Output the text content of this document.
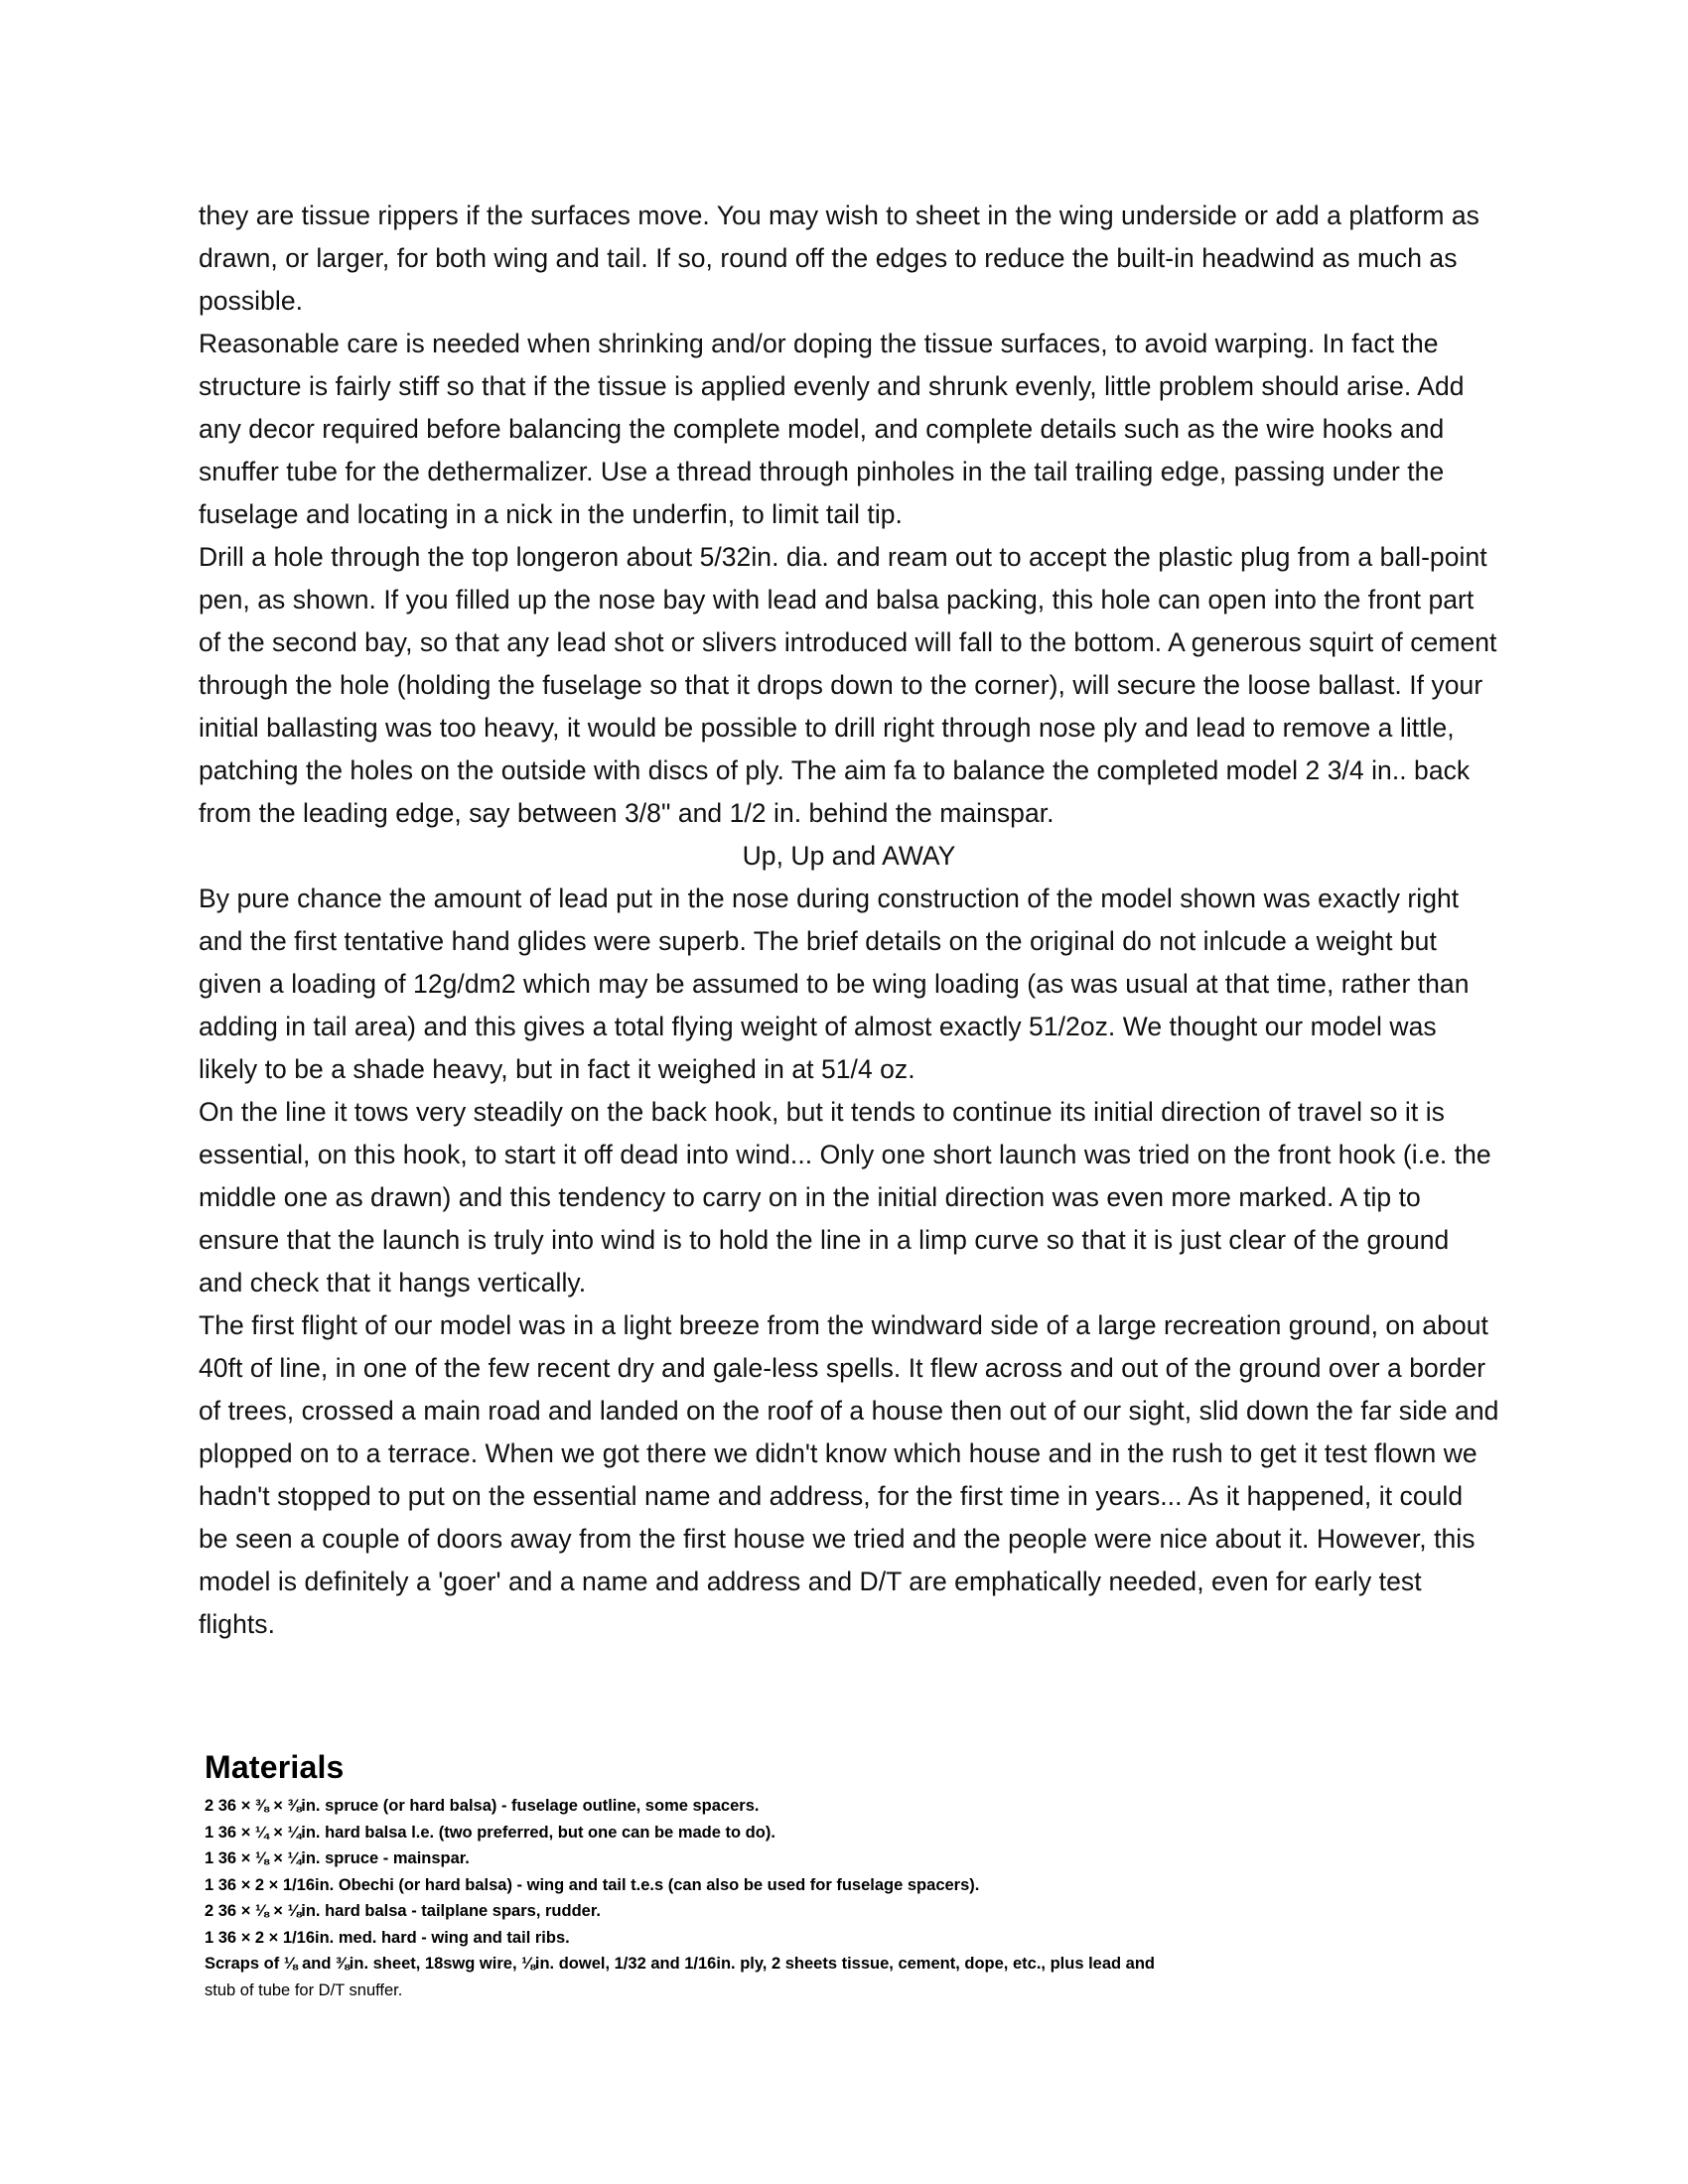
they are tissue rippers if the surfaces move. You may wish to sheet in the wing underside or add a platform as drawn, or larger, for both wing and tail. If so, round off the edges to reduce the built-in headwind as much as possible.

Reasonable care is needed when shrinking and/or doping the tissue surfaces, to avoid warping. In fact the structure is fairly stiff so that if the tissue is applied evenly and shrunk evenly, little problem should arise. Add any decor required before balancing the complete model, and complete details such as the wire hooks and snuffer tube for the dethermalizer. Use a thread through pinholes in the tail trailing edge, passing under the fuselage and locating in a nick in the underfin, to limit tail tip.

Drill a hole through the top longeron about 5/32in. dia. and ream out to accept the plastic plug from a ball-point pen, as shown. If you filled up the nose bay with lead and balsa packing, this hole can open into the front part of the second bay, so that any lead shot or slivers introduced will fall to the bottom. A generous squirt of cement through the hole (holding the fuselage so that it drops down to the corner), will secure the loose ballast. If your initial ballasting was too heavy, it would be possible to drill right through nose ply and lead to remove a little, patching the holes on the outside with discs of ply. The aim fa to balance the completed model 2 3/4 in.. back from the leading edge, say between 3/8" and 1/2 in. behind the mainspar.

Up, Up and AWAY

By pure chance the amount of lead put in the nose during construction of the model shown was exactly right and the first tentative hand glides were superb. The brief details on the original do not inlcude a weight but given a loading of 12g/dm2 which may be assumed to be wing loading (as was usual at that time, rather than adding in tail area) and this gives a total flying weight of almost exactly 51/2oz. We thought our model was likely to be a shade heavy, but in fact it weighed in at 51/4 oz.

On the line it tows very steadily on the back hook, but it tends to continue its initial direction of travel so it is essential, on this hook, to start it off dead into wind... Only one short launch was tried on the front hook (i.e. the middle one as drawn) and this tendency to carry on in the initial direction was even more marked. A tip to ensure that the launch is truly into wind is to hold the line in a limp curve so that it is just clear of the ground and check that it hangs vertically.

The first flight of our model was in a light breeze from the windward side of a large recreation ground, on about 40ft of line, in one of the few recent dry and gale-less spells. It flew across and out of the ground over a border of trees, crossed a main road and landed on the roof of a house then out of our sight, slid down the far side and plopped on to a terrace. When we got there we didn't know which house and in the rush to get it test flown we hadn't stopped to put on the essential name and address, for the first time in years... As it happened, it could be seen a couple of doors away from the first house we tried and the people were nice about it. However, this model is definitely a 'goer' and a name and address and D/T are emphatically needed, even for early test flights.

Materials

2 36 × ⅜ × ⅜in. spruce (or hard balsa) - fuselage outline, some spacers.

1 36 × ¼ × ¼in. hard balsa l.e. (two preferred, but one can be made to do).

1 36 × ⅛ × ¼in. spruce - mainspar.

1 36 × 2 × 1/16in. Obechi (or hard balsa) - wing and tail t.e.s (can also be used for fuselage spacers).

2 36 × ⅛ × ⅛in. hard balsa - tailplane spars, rudder.

1 36 × 2 × 1/16in. med. hard - wing and tail ribs.

Scraps of ⅛ and ⅜in. sheet, 18swg wire, ⅛in. dowel, 1/32 and 1/16in. ply, 2 sheets tissue, cement, dope, etc., plus lead and

stub of tube for D/T snuffer.
